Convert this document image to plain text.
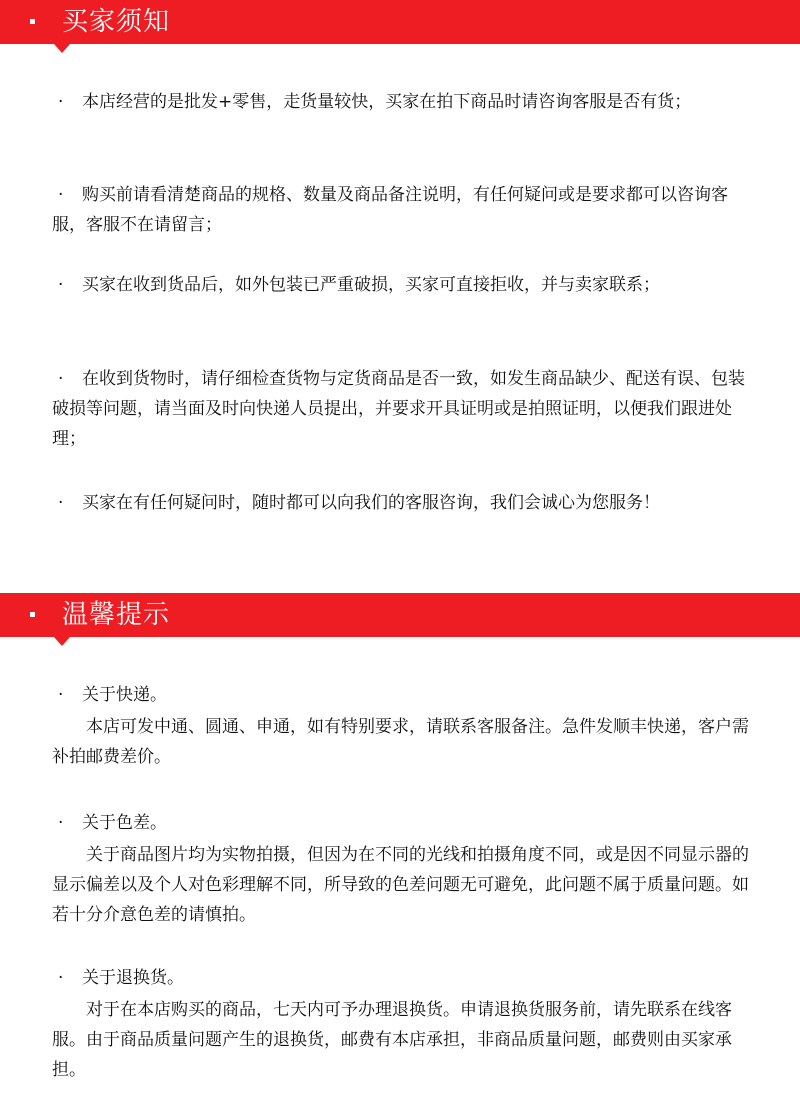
买家须知

· 本店经营的是批发+零售，走货量较快，买家在拍下商品时请咨询客服是否有货；

· 购买前请看清楚商品的规格、数量及商品备注说明，有任何疑问或是要求都可以咨询客服，客服不在请留言；

· 买家在收到货品后，如外包装已严重破损，买家可直接拒收，并与卖家联系；

· 在收到货物时，请仔细检查货物与定货商品是否一致，如发生商品缺少、配送有误、包装破损等问题，请当面及时向快递人员提出，并要求开具证明或是拍照证明，以便我们跟进处理；

· 买家在有任何疑问时，随时都可以向我们的客服咨询，我们会诚心为您服务！

温馨提示

· 关于快递。

本店可发中通、圆通、申通，如有特别要求，请联系客服备注。急件发顺丰快递，客户需补拍邮费差价。

· 关于色差。

关于商品图片均为实物拍摄，但因为在不同的光线和拍摄角度不同，或是因不同显示器的显示偏差以及个人对色彩理解不同，所导致的色差问题无可避免，此问题不属于质量问题。如若十分介意色差的请慎拍。

· 关于退换货。

对于在本店购买的商品，七天内可予办理退换货。申请退换货服务前，请先联系在线客服。由于商品质量问题产生的退换货，邮费有本店承担，非商品质量问题，邮费则由买家承担。
